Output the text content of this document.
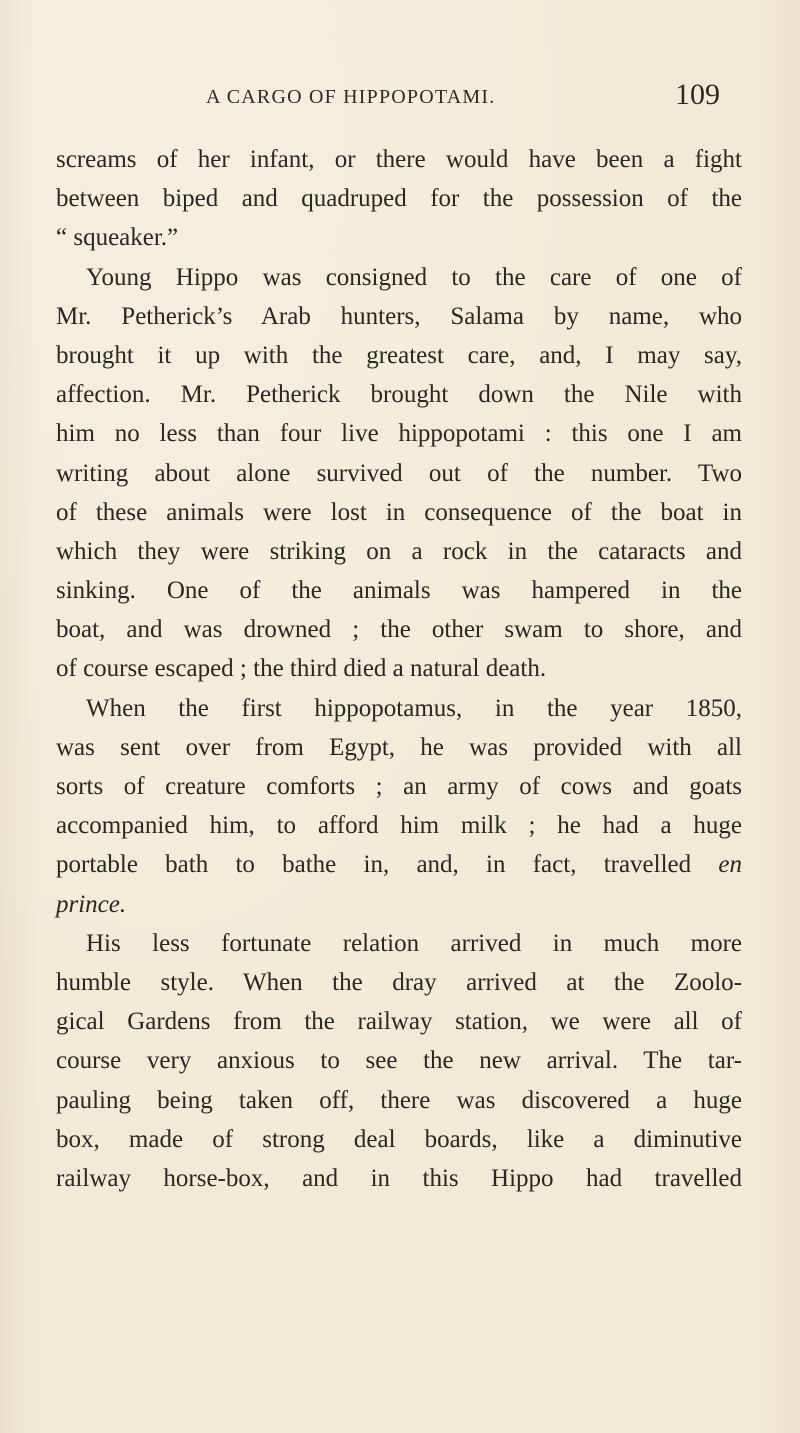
A CARGO OF HIPPOPOTAMI.	109
screams of her infant, or there would have been a fight
between biped and quadruped for the possession of the
“ squeaker.”
Young Hippo was consigned to the care of one of
Mr. Petherick’s Arab hunters, Salama by name, who
brought it up with the greatest care, and, I may say,
affection. Mr. Petherick brought down the Nile with
him no less than four live hippopotami : this one I am
writing about alone survived out of the number. Two
of these animals were lost in consequence of the boat in
which they were striking on a rock in the cataracts and
sinking. One of the animals was hampered in the
boat, and was drowned ; the other swam to shore, and
of course escaped ; the third died a natural death.
When the first hippopotamus, in the year 1850,
was sent over from Egypt, he was provided with all
sorts of creature comforts ; an army of cows and goats
accompanied him, to afford him milk ; he had a huge
portable bath to bathe in, and, in fact, travelled en
prince.
His less fortunate relation arrived in much more
humble style. When the dray arrived at the Zoolo-
gical Gardens from the railway station, we were all of
course very anxious to see the new arrival. The tar-
pauling being taken off, there was discovered a huge
box, made of strong deal boards, like a diminutive
railway horse-box, and in this Hippo had travelled
